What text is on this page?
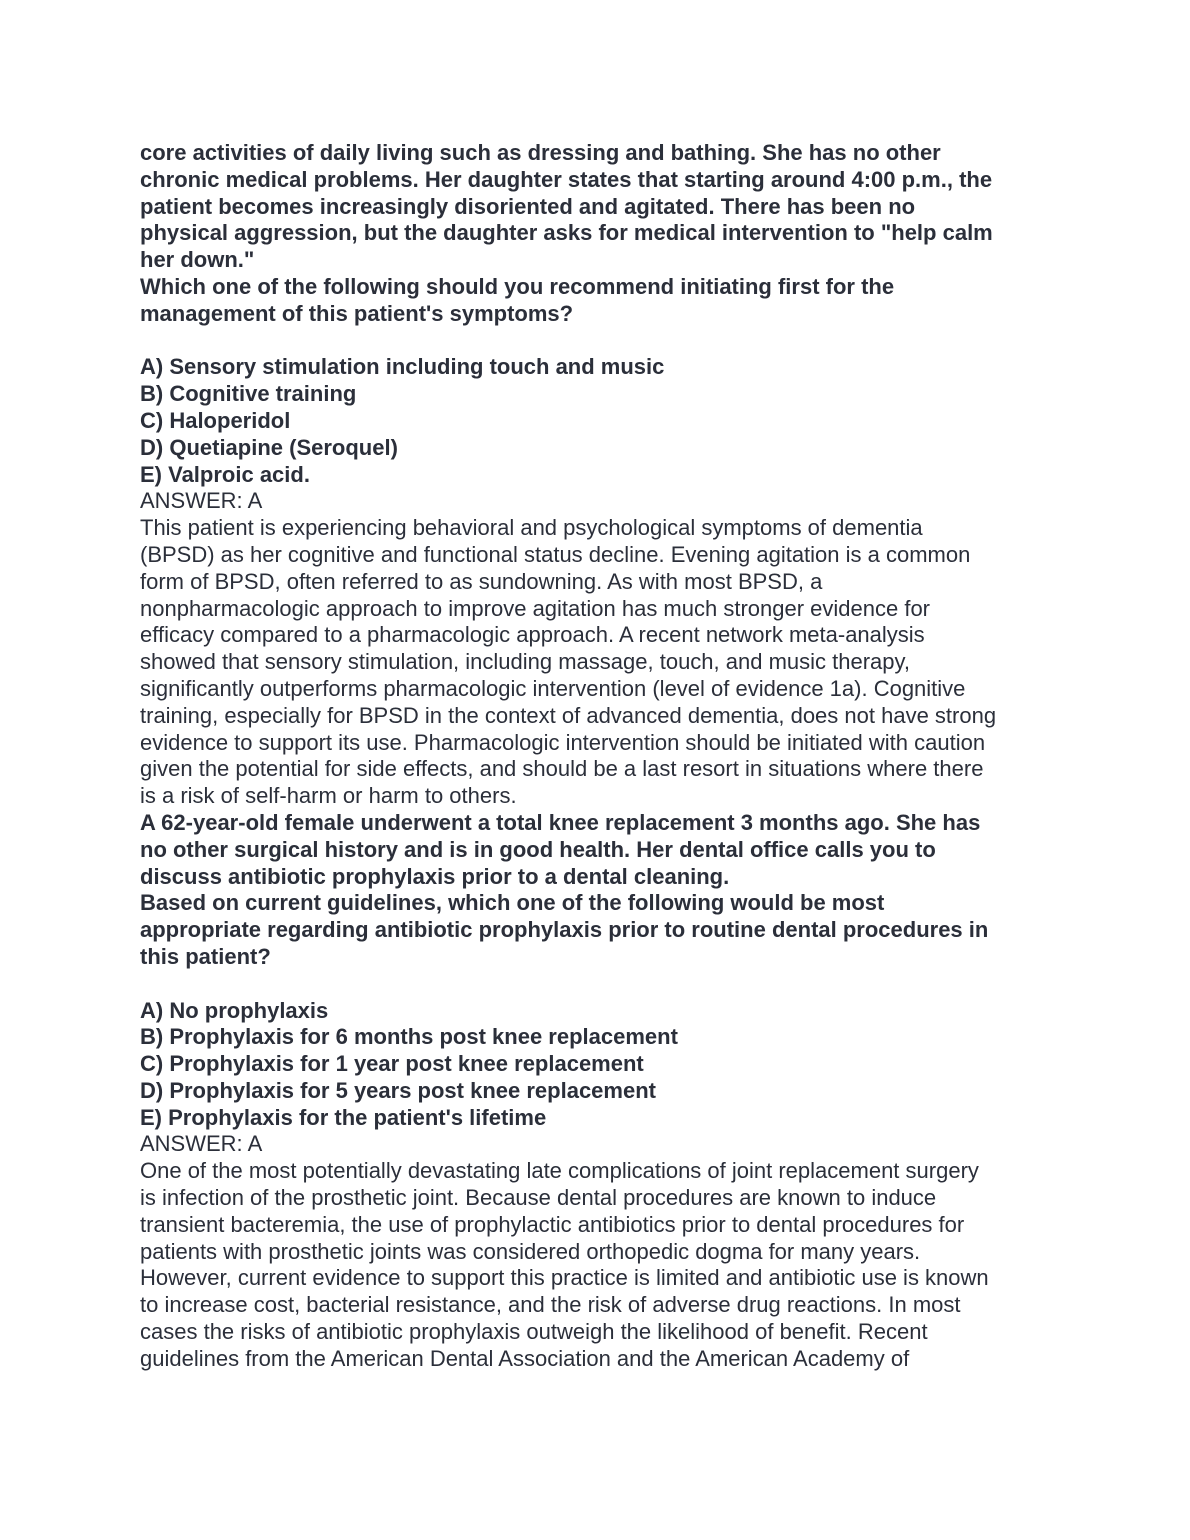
core activities of daily living such as dressing and bathing. She has no other
chronic medical problems. Her daughter states that starting around 4:00 p.m., the
patient becomes increasingly disoriented and agitated. There has been no
physical aggression, but the daughter asks for medical intervention to "help calm
her down."
Which one of the following should you recommend initiating first for the
management of this patient's symptoms?
A) Sensory stimulation including touch and music
B) Cognitive training
C) Haloperidol
D) Quetiapine (Seroquel)
E) Valproic acid.
ANSWER: A
This patient is experiencing behavioral and psychological symptoms of dementia
(BPSD) as her cognitive and functional status decline. Evening agitation is a common
form of BPSD, often referred to as sundowning. As with most BPSD, a
nonpharmacologic approach to improve agitation has much stronger evidence for
efficacy compared to a pharmacologic approach. A recent network meta-analysis
showed that sensory stimulation, including massage, touch, and music therapy,
significantly outperforms pharmacologic intervention (level of evidence 1a). Cognitive
training, especially for BPSD in the context of advanced dementia, does not have strong
evidence to support its use. Pharmacologic intervention should be initiated with caution
given the potential for side effects, and should be a last resort in situations where there
is a risk of self-harm or harm to others.
A 62-year-old female underwent a total knee replacement 3 months ago. She has
no other surgical history and is in good health. Her dental office calls you to
discuss antibiotic prophylaxis prior to a dental cleaning.
Based on current guidelines, which one of the following would be most
appropriate regarding antibiotic prophylaxis prior to routine dental procedures in
this patient?
A) No prophylaxis
B) Prophylaxis for 6 months post knee replacement
C) Prophylaxis for 1 year post knee replacement
D) Prophylaxis for 5 years post knee replacement
E) Prophylaxis for the patient's lifetime
ANSWER: A
One of the most potentially devastating late complications of joint replacement surgery
is infection of the prosthetic joint. Because dental procedures are known to induce
transient bacteremia, the use of prophylactic antibiotics prior to dental procedures for
patients with prosthetic joints was considered orthopedic dogma for many years.
However, current evidence to support this practice is limited and antibiotic use is known
to increase cost, bacterial resistance, and the risk of adverse drug reactions. In most
cases the risks of antibiotic prophylaxis outweigh the likelihood of benefit. Recent
guidelines from the American Dental Association and the American Academy of
